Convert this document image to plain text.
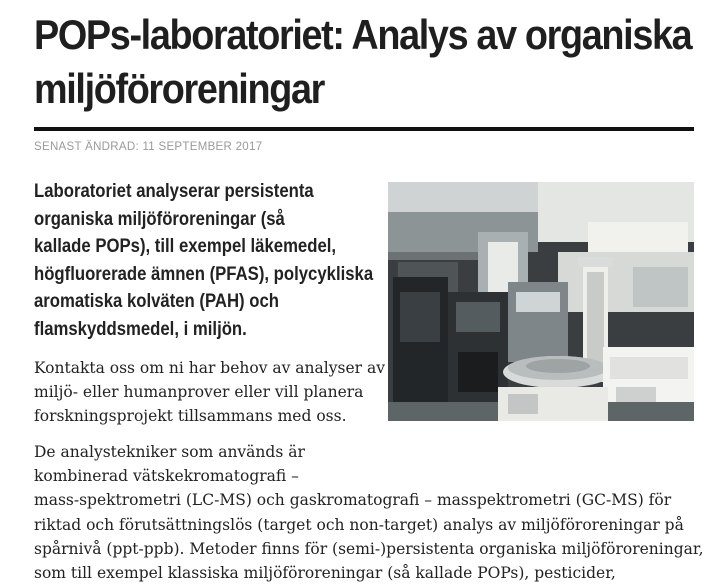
POPs-laboratoriet: Analys av organiska
miljöföroreningar
SENAST ÄNDRAD: 11 SEPTEMBER 2017

Laboratoriet analyserar persistenta
organiska miljöföroreningar (så
kallade POPs), till exempel läkemedel,
högfluorerade ämnen (PFAS), polycykliska
aromatiska kolväten (PAH) och
flamskyddsmedel, i miljön.

Kontakta oss om ni har behov av analyser av
miljö- eller humanprover eller vill planera
forskningsprojekt tillsammans med oss.

De analystekniker som används är
kombinerad vätskekromatografi –
mass-spektrometri (LC-MS) och gaskromatografi – masspektrometri (GC-MS) för
riktad och förutsättningslös (target och non-target) analys av miljöföroreningar på
spårnivå (ppt-ppb). Metoder finns för (semi-)persistenta organiska miljöföroreningar,
som till exempel klassiska miljöföroreningar (så kallade POPs), pesticider,
